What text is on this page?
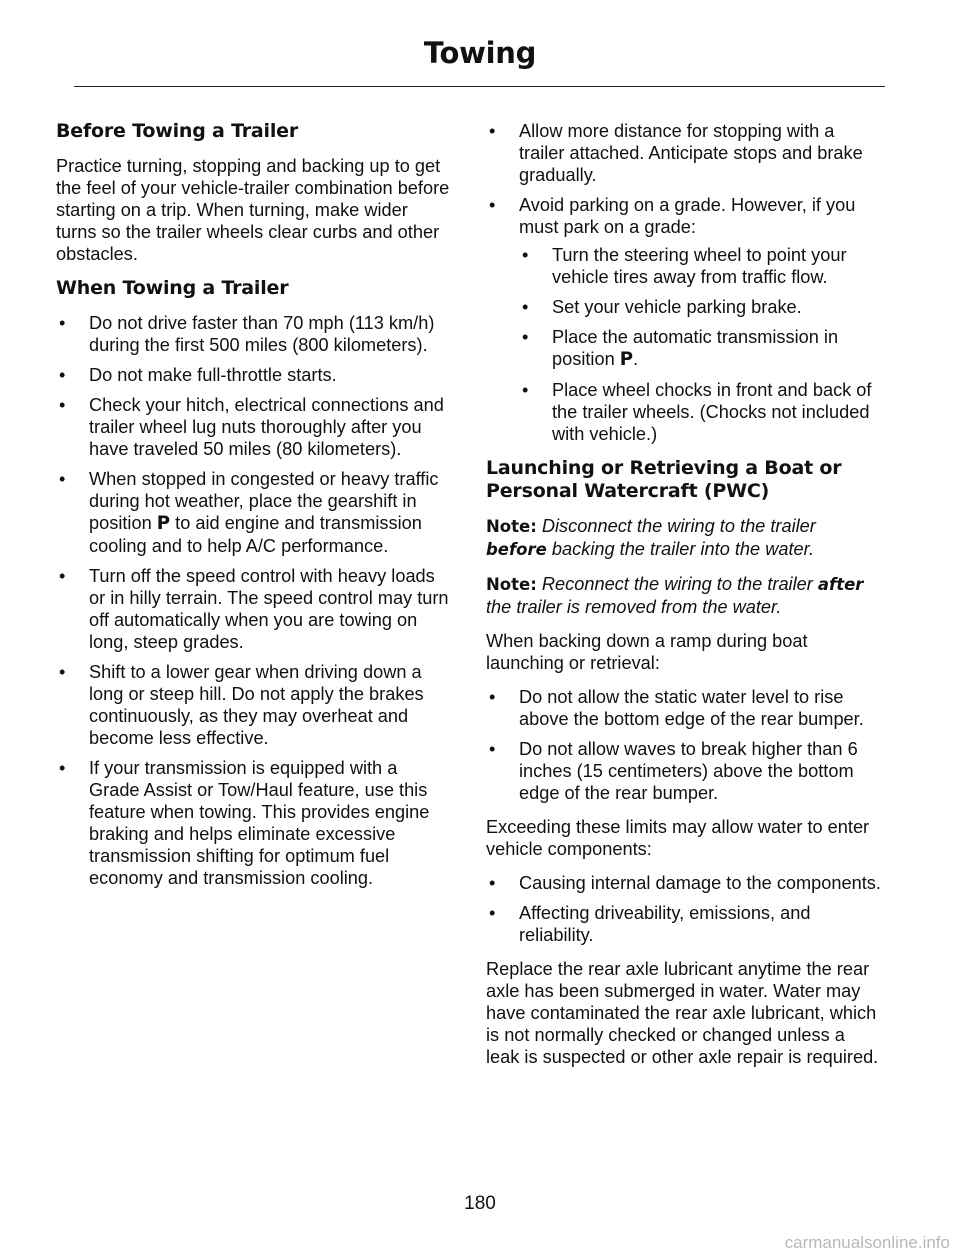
Towing
Before Towing a Trailer

Practice turning, stopping and backing up to get the feel of your vehicle-trailer combination before starting on a trip. When turning, make wider turns so the trailer wheels clear curbs and other obstacles.

When Towing a Trailer
• Do not drive faster than 70 mph (113 km/h) during the first 500 miles (800 kilometers).
• Do not make full-throttle starts.
• Check your hitch, electrical connections and trailer wheel lug nuts thoroughly after you have traveled 50 miles (80 kilometers).
• When stopped in congested or heavy traffic during hot weather, place the gearshift in position P to aid engine and transmission cooling and to help A/C performance.
• Turn off the speed control with heavy loads or in hilly terrain. The speed control may turn off automatically when you are towing on long, steep grades.
• Shift to a lower gear when driving down a long or steep hill. Do not apply the brakes continuously, as they may overheat and become less effective.
• If your transmission is equipped with a Grade Assist or Tow/Haul feature, use this feature when towing. This provides engine braking and helps eliminate excessive transmission shifting for optimum fuel economy and transmission cooling.
• Allow more distance for stopping with a trailer attached. Anticipate stops and brake gradually.
• Avoid parking on a grade. However, if you must park on a grade:
• Turn the steering wheel to point your vehicle tires away from traffic flow.
• Set your vehicle parking brake.
• Place the automatic transmission in position P.
• Place wheel chocks in front and back of the trailer wheels. (Chocks not included with vehicle.)
Launching or Retrieving a Boat or Personal Watercraft (PWC)

Note: Disconnect the wiring to the trailer before backing the trailer into the water.

Note: Reconnect the wiring to the trailer after the trailer is removed from the water.

When backing down a ramp during boat launching or retrieval:

• Do not allow the static water level to rise above the bottom edge of the rear bumper.
• Do not allow waves to break higher than 6 inches (15 centimeters) above the bottom edge of the rear bumper.

Exceeding these limits may allow water to enter vehicle components:

• Causing internal damage to the components.
• Affecting driveability, emissions, and reliability.

Replace the rear axle lubricant anytime the rear axle has been submerged in water. Water may have contaminated the rear axle lubricant, which is not normally checked or changed unless a leak is suspected or other axle repair is required.

180
carmanualsonline.info
